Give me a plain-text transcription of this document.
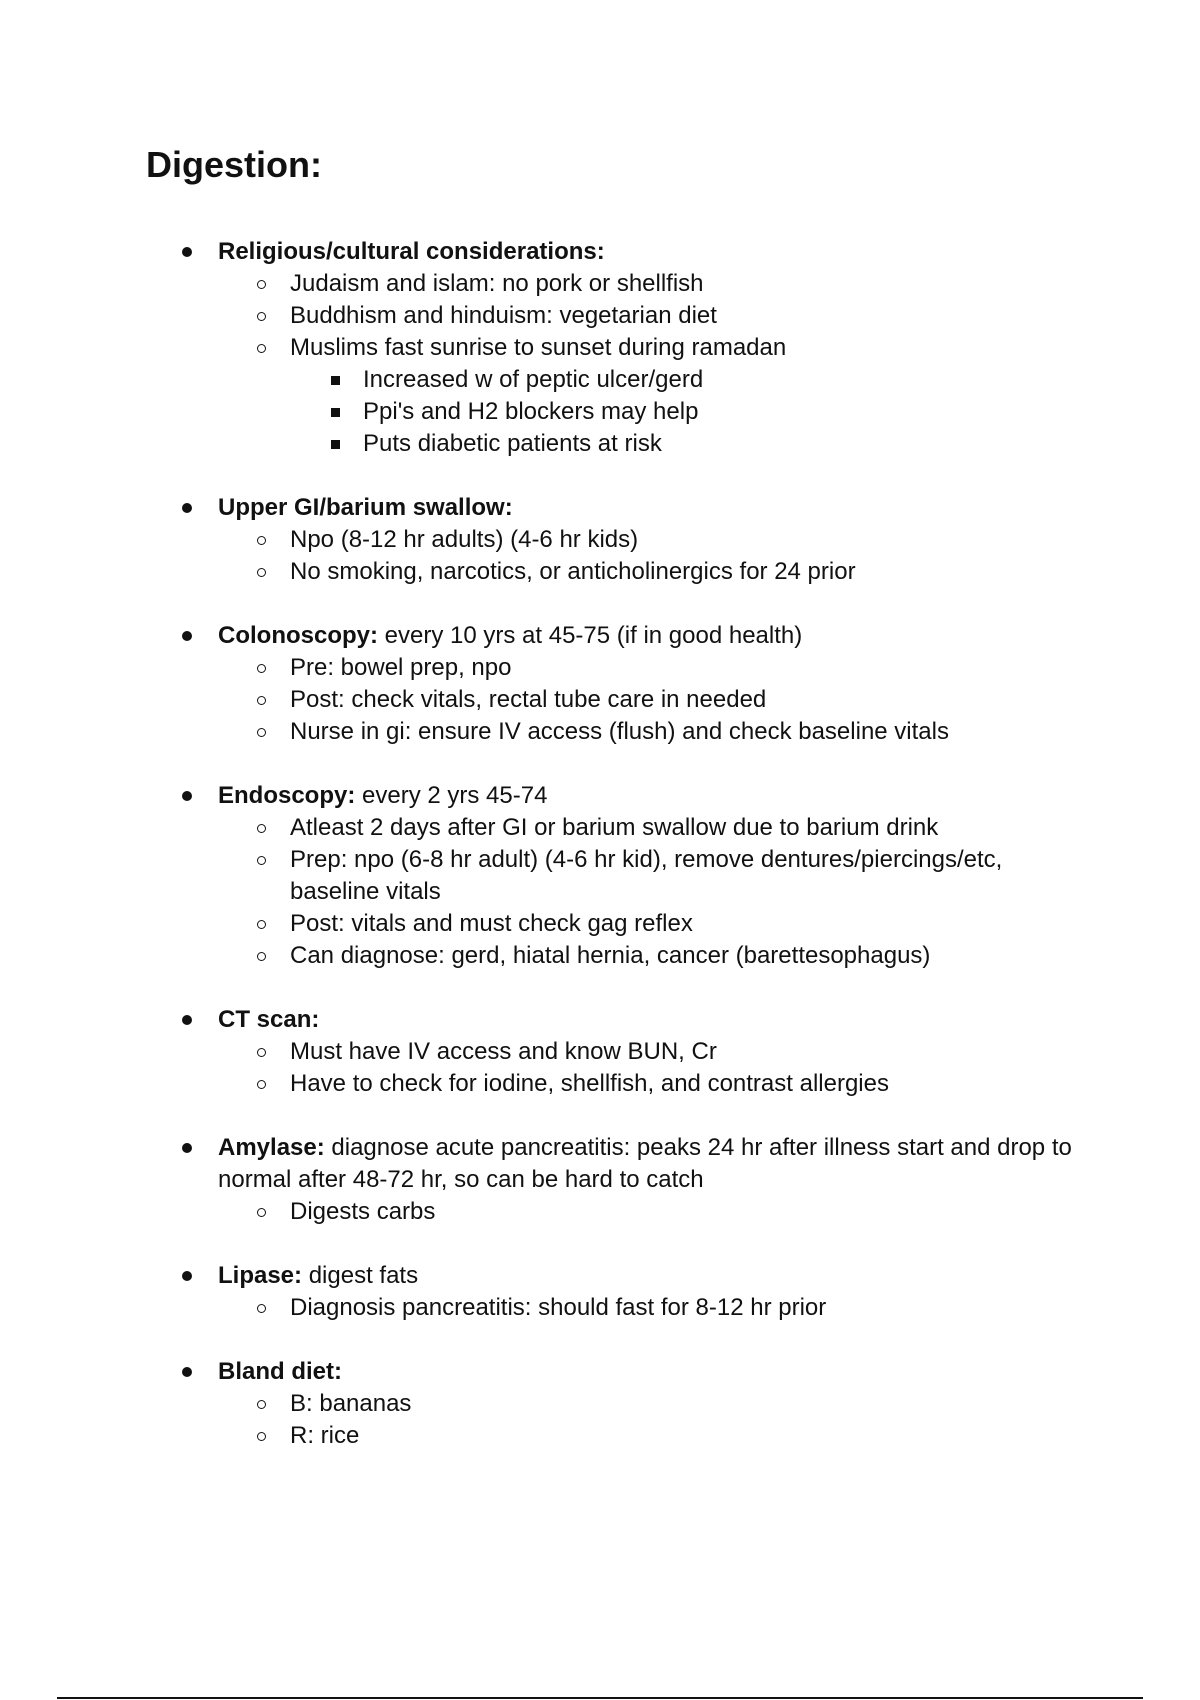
Digestion:
Religious/cultural considerations:
Judaism and islam: no pork or shellfish
Buddhism and hinduism: vegetarian diet
Muslims fast sunrise to sunset during ramadan
Increased w of peptic ulcer/gerd
Ppi's and H2 blockers may help
Puts diabetic patients at risk
Upper GI/barium swallow:
Npo (8-12 hr adults) (4-6 hr kids)
No smoking, narcotics, or anticholinergics for 24 prior
Colonoscopy: every 10 yrs at 45-75 (if in good health)
Pre: bowel prep, npo
Post: check vitals, rectal tube care in needed
Nurse in gi: ensure IV access (flush) and check baseline vitals
Endoscopy: every 2 yrs 45-74
Atleast 2 days after GI or barium swallow due to barium drink
Prep: npo (6-8 hr adult) (4-6 hr kid), remove dentures/piercings/etc, baseline vitals
Post: vitals and must check gag reflex
Can diagnose: gerd, hiatal hernia, cancer (barettesophagus)
CT scan:
Must have IV access and know BUN, Cr
Have to check for iodine, shellfish, and contrast allergies
Amylase: diagnose acute pancreatitis: peaks 24 hr after illness start and drop to normal after 48-72 hr, so can be hard to catch
Digests carbs
Lipase: digest fats
Diagnosis pancreatitis: should fast for 8-12 hr prior
Bland diet:
B: bananas
R: rice
